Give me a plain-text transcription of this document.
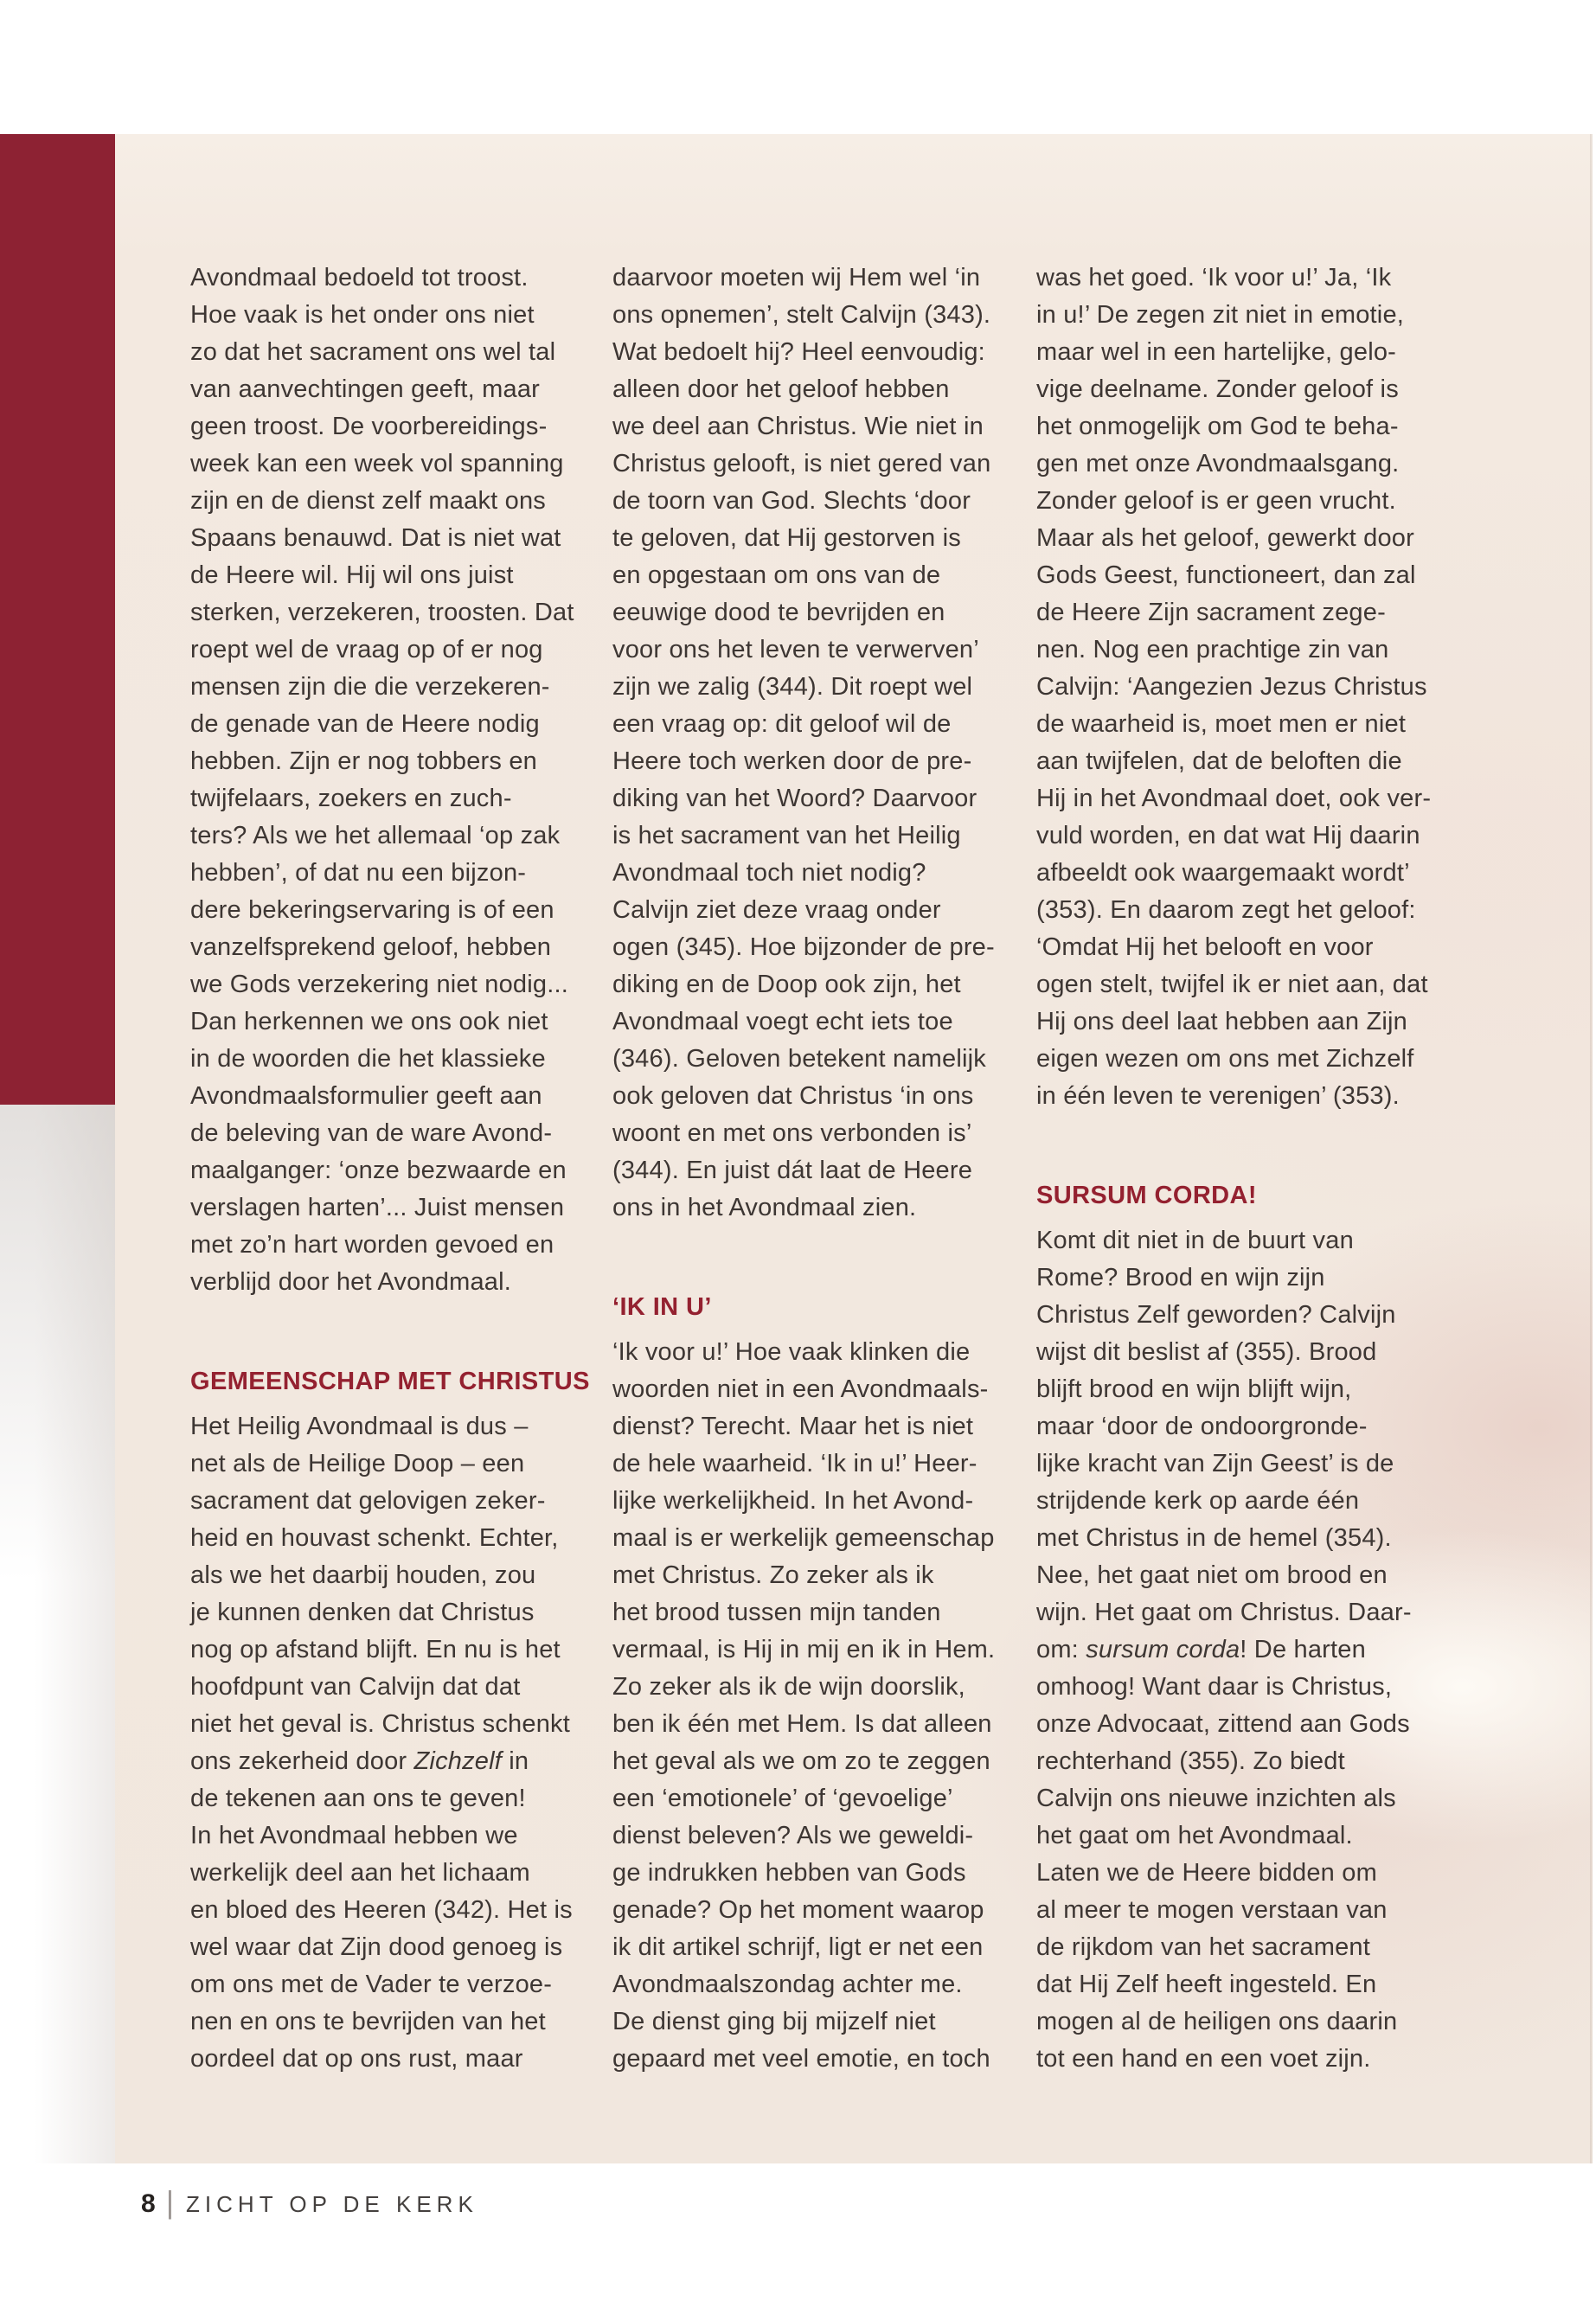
Avondmaal bedoeld tot troost.
Hoe vaak is het onder ons niet
zo dat het sacrament ons wel tal
van aanvechtingen geeft, maar
geen troost. De voorbereidings-
week kan een week vol spanning
zijn en de dienst zelf maakt ons
Spaans benauwd. Dat is niet wat
de Heere wil. Hij wil ons juist
sterken, verzekeren, troosten. Dat
roept wel de vraag op of er nog
mensen zijn die die verzekeren-
de genade van de Heere nodig
hebben. Zijn er nog tobbers en
twijfelaars, zoekers en zuch-
ters? Als we het allemaal ‘op zak
hebben’, of dat nu een bijzon-
dere bekeringservaring is of een
vanzelfsprekend geloof, hebben
we Gods verzekering niet nodig...
Dan herkennen we ons ook niet
in de woorden die het klassieke
Avondmaalsformulier geeft aan
de beleving van de ware Avond-
maalganger: ‘onze bezwaarde en
verslagen harten’... Juist mensen
met zo’n hart worden gevoed en
verblijd door het Avondmaal.
GEMEENSCHAP MET CHRISTUS
Het Heilig Avondmaal is dus –
net als de Heilige Doop – een
sacrament dat gelovigen zeker-
heid en houvast schenkt. Echter,
als we het daarbij houden, zou
je kunnen denken dat Christus
nog op afstand blijft. En nu is het
hoofdpunt van Calvijn dat dat
niet het geval is. Christus schenkt
ons zekerheid door Zichzelf in
de tekenen aan ons te geven!
In het Avondmaal hebben we
werkelijk deel aan het lichaam
en bloed des Heeren (342). Het is
wel waar dat Zijn dood genoeg is
om ons met de Vader te verzoe-
nen en ons te bevrijden van het
oordeel dat op ons rust, maar
daarvoor moeten wij Hem wel ‘in
ons opnemen’, stelt Calvijn (343).
Wat bedoelt hij? Heel eenvoudig:
alleen door het geloof hebben
we deel aan Christus. Wie niet in
Christus gelooft, is niet gered van
de toorn van God. Slechts ‘door
te geloven, dat Hij gestorven is
en opgestaan om ons van de
eeuwige dood te bevrijden en
voor ons het leven te verwerven’
zijn we zalig (344). Dit roept wel
een vraag op: dit geloof wil de
Heere toch werken door de pre-
diking van het Woord? Daarvoor
is het sacrament van het Heilig
Avondmaal toch niet nodig?
Calvijn ziet deze vraag onder
ogen (345). Hoe bijzonder de pre-
diking en de Doop ook zijn, het
Avondmaal voegt echt iets toe
(346). Geloven betekent namelijk
ook geloven dat Christus ‘in ons
woont en met ons verbonden is’
(344). En juist dát laat de Heere
ons in het Avondmaal zien.
‘IK IN U’
‘Ik voor u!’ Hoe vaak klinken die
woorden niet in een Avondmaals-
dienst? Terecht. Maar het is niet
de hele waarheid. ‘Ik in u!’ Heer-
lijke werkelijkheid. In het Avond-
maal is er werkelijk gemeenschap
met Christus. Zo zeker als ik
het brood tussen mijn tanden
vermaal, is Hij in mij en ik in Hem.
Zo zeker als ik de wijn doorslik,
ben ik één met Hem. Is dat alleen
het geval als we om zo te zeggen
een ‘emotionele’ of ‘gevoelige’
dienst beleven? Als we geweldi-
ge indrukken hebben van Gods
genade? Op het moment waarop
ik dit artikel schrijf, ligt er net een
Avondmaalszondag achter me.
De dienst ging bij mijzelf niet
gepaard met veel emotie, en toch
was het goed. ‘Ik voor u!’ Ja, ‘Ik
in u!’ De zegen zit niet in emotie,
maar wel in een hartelijke, gelo-
vige deelname. Zonder geloof is
het onmogelijk om God te beha-
gen met onze Avondmaalsgang.
Zonder geloof is er geen vrucht.
Maar als het geloof, gewerkt door
Gods Geest, functioneert, dan zal
de Heere Zijn sacrament zege-
nen. Nog een prachtige zin van
Calvijn: ‘Aangezien Jezus Christus
de waarheid is, moet men er niet
aan twijfelen, dat de beloften die
Hij in het Avondmaal doet, ook ver-
vuld worden, en dat wat Hij daarin
afbeeldt ook waargemaakt wordt’
(353). En daarom zegt het geloof:
‘Omdat Hij het belooft en voor
ogen stelt, twijfel ik er niet aan, dat
Hij ons deel laat hebben aan Zijn
eigen wezen om ons met Zichzelf
in één leven te verenigen’ (353).
SURSUM CORDA!
Komt dit niet in de buurt van
Rome? Brood en wijn zijn
Christus Zelf geworden? Calvijn
wijst dit beslist af (355). Brood
blijft brood en wijn blijft wijn,
maar ‘door de ondoorgronde-
lijke kracht van Zijn Geest’ is de
strijdende kerk op aarde één
met Christus in de hemel (354).
Nee, het gaat niet om brood en
wijn. Het gaat om Christus. Daar-
om: sursum corda! De harten
omhoog! Want daar is Christus,
onze Advocaat, zittend aan Gods
rechterhand (355). Zo biedt
Calvijn ons nieuwe inzichten als
het gaat om het Avondmaal.
Laten we de Heere bidden om
al meer te mogen verstaan van
de rijkdom van het sacrament
dat Hij Zelf heeft ingesteld. En
mogen al de heiligen ons daarin
tot een hand en een voet zijn.
8 | ZICHT OP DE KERK
